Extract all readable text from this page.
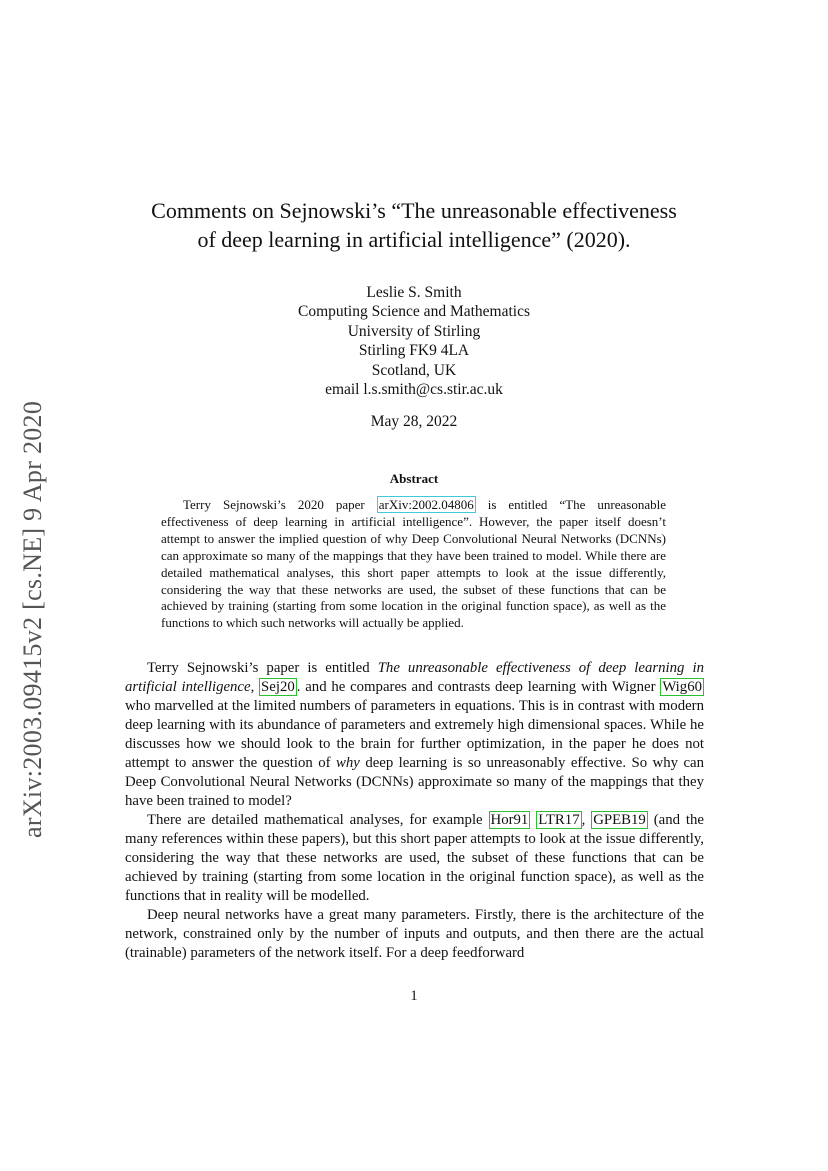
arXiv:2003.09415v2 [cs.NE] 9 Apr 2020
Comments on Sejnowski’s “The unreasonable effectiveness
of deep learning in artificial intelligence” (2020).
Leslie S. Smith
Computing Science and Mathematics
University of Stirling
Stirling FK9 4LA
Scotland, UK
email l.s.smith@cs.stir.ac.uk
May 28, 2022
Abstract

Terry Sejnowski’s 2020 paper arXiv:2002.04806 is entitled “The unreasonable effectiveness of deep learning in artificial intelligence”. However, the paper itself doesn’t attempt to answer the implied question of why Deep Convolutional Neural Networks (DCNNs) can approximate so many of the mappings that they have been trained to model. While there are detailed mathematical analyses, this short paper attempts to look at the issue differently, considering the way that these networks are used, the subset of these functions that can be achieved by training (starting from some location in the original function space), as well as the functions to which such networks will actually be applied.

Terry Sejnowski’s paper is entitled The unreasonable effectiveness of deep learning in artificial intelligence, Sej20 . and he compares and contrasts deep learning with Wigner Wig60 who marvelled at the limited numbers of parameters in equations. This is in contrast with modern deep learning with its abundance of parameters and extremely high dimensional spaces. While he discusses how we should look to the brain for further optimization, in the paper he does not attempt to answer the question of why deep learning is so unreasonably effective. So why can Deep Convolutional Neural Networks (DCNNs) approximate so many of the mappings that they have been trained to model?

There are detailed mathematical analyses, for example Hor91 LTR17 , GPEB19 (and the many references within these papers), but this short paper attempts to look at the issue differently, considering the way that these networks are used, the subset of these functions that can be achieved by training (starting from some location in the original function space), as well as the functions that in reality will be modelled.

Deep neural networks have a great many parameters. Firstly, there is the architecture of the network, constrained only by the number of inputs and outputs, and then there are the actual (trainable) parameters of the network itself. For a deep feedforward

1
